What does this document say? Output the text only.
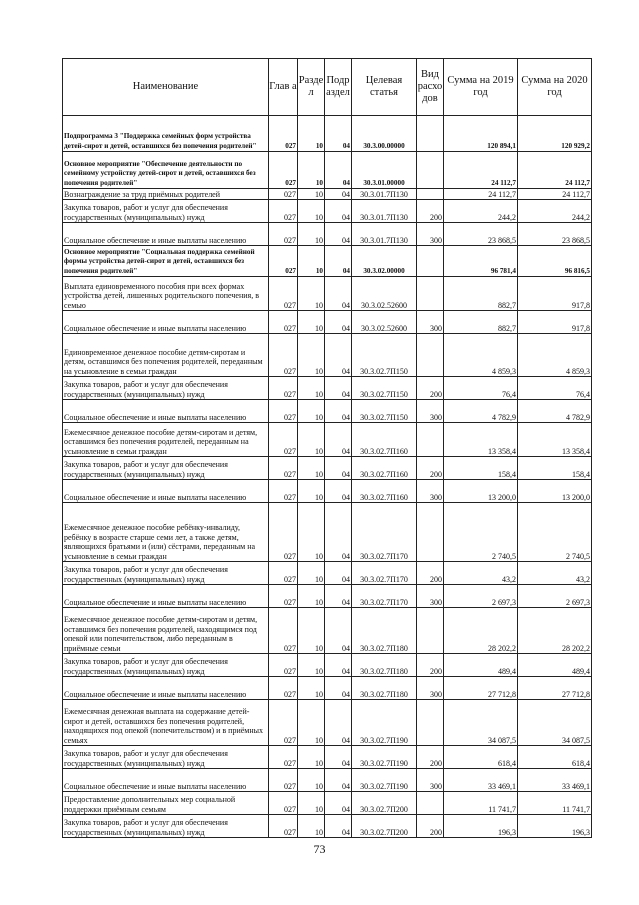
Наименование	Глав а	Разде л	Подр аздел	Целевая статья	Вид расхо дов	Сумма на 2019 год	Сумма на 2020 год
Подпрограмма 3 "Поддержка семейных форм устройства детей-сирот и детей, оставшихся без попечения родителей"	027	10	04	30.3.00.00000		120 894,1	120 929,2
Основное мероприятие "Обеспечение деятельности по семейному устройству детей-сирот и детей, оставшихся без попечения родителей"	027	10	04	30.3.01.00000		24 112,7	24 112,7
Вознаграждение за труд приёмных родителей	027	10	04	30.3.01.7П130		24 112,7	24 112,7
Закупка товаров, работ и услуг для обеспечения государственных (муниципальных) нужд	027	10	04	30.3.01.7П130	200	244,2	244,2
Социальное обеспечение и иные выплаты населению	027	10	04	30.3.01.7П130	300	23 868,5	23 868,5
Основное мероприятие "Социальная поддержка семейной формы устройства детей-сирот и детей, оставшихся без попечения родителей"	027	10	04	30.3.02.00000		96 781,4	96 816,5
Выплата единовременного пособия при всех формах устройства детей, лишенных родительского попечения, в семью	027	10	04	30.3.02.52600		882,7	917,8
Социальное обеспечение и иные выплаты населению	027	10	04	30.3.02.52600	300	882,7	917,8
Единовременное денежное пособие детям-сиротам и детям, оставшимся без попечения родителей, переданным на усыновление в семьи граждан	027	10	04	30.3.02.7П150		4 859,3	4 859,3
Закупка товаров, работ и услуг для обеспечения государственных (муниципальных) нужд	027	10	04	30.3.02.7П150	200	76,4	76,4
Социальное обеспечение и иные выплаты населению	027	10	04	30.3.02.7П150	300	4 782,9	4 782,9
Ежемесячное денежное пособие детям-сиротам и детям, оставшимся без попечения родителей, переданным на усыновление в семьи граждан	027	10	04	30.3.02.7П160		13 358,4	13 358,4
Закупка товаров, работ и услуг для обеспечения государственных (муниципальных) нужд	027	10	04	30.3.02.7П160	200	158,4	158,4
Социальное обеспечение и иные выплаты населению	027	10	04	30.3.02.7П160	300	13 200,0	13 200,0
Ежемесячное денежное пособие ребёнку-инвалиду, ребёнку в возрасте старше семи лет, а также детям, являющихся братьями и (или) сёстрами, переданным на усыновление в семьи граждан	027	10	04	30.3.02.7П170		2 740,5	2 740,5
Закупка товаров, работ и услуг для обеспечения государственных (муниципальных) нужд	027	10	04	30.3.02.7П170	200	43,2	43,2
Социальное обеспечение и иные выплаты населению	027	10	04	30.3.02.7П170	300	2 697,3	2 697,3
Ежемесячное денежное пособие детям-сиротам и детям, оставшимся без попечения родителей, находящимся под опекой или попечительством, либо переданным в приёмные семьи	027	10	04	30.3.02.7П180		28 202,2	28 202,2
Закупка товаров, работ и услуг для обеспечения государственных (муниципальных) нужд	027	10	04	30.3.02.7П180	200	489,4	489,4
Социальное обеспечение и иные выплаты населению	027	10	04	30.3.02.7П180	300	27 712,8	27 712,8
Ежемесячная денежная выплата на содержание детей-сирот и детей, оставшихся без попечения родителей, находящихся под опекой (попечительством) и в приёмных семьях	027	10	04	30.3.02.7П190		34 087,5	34 087,5
Закупка товаров, работ и услуг для обеспечения государственных (муниципальных) нужд	027	10	04	30.3.02.7П190	200	618,4	618,4
Социальное обеспечение и иные выплаты населению	027	10	04	30.3.02.7П190	300	33 469,1	33 469,1
Предоставление дополнительных мер социальной поддержки приёмным семьям	027	10	04	30.3.02.7П200		11 741,7	11 741,7
Закупка товаров, работ и услуг для обеспечения государственных (муниципальных) нужд	027	10	04	30.3.02.7П200	200	196,3	196,3
73
